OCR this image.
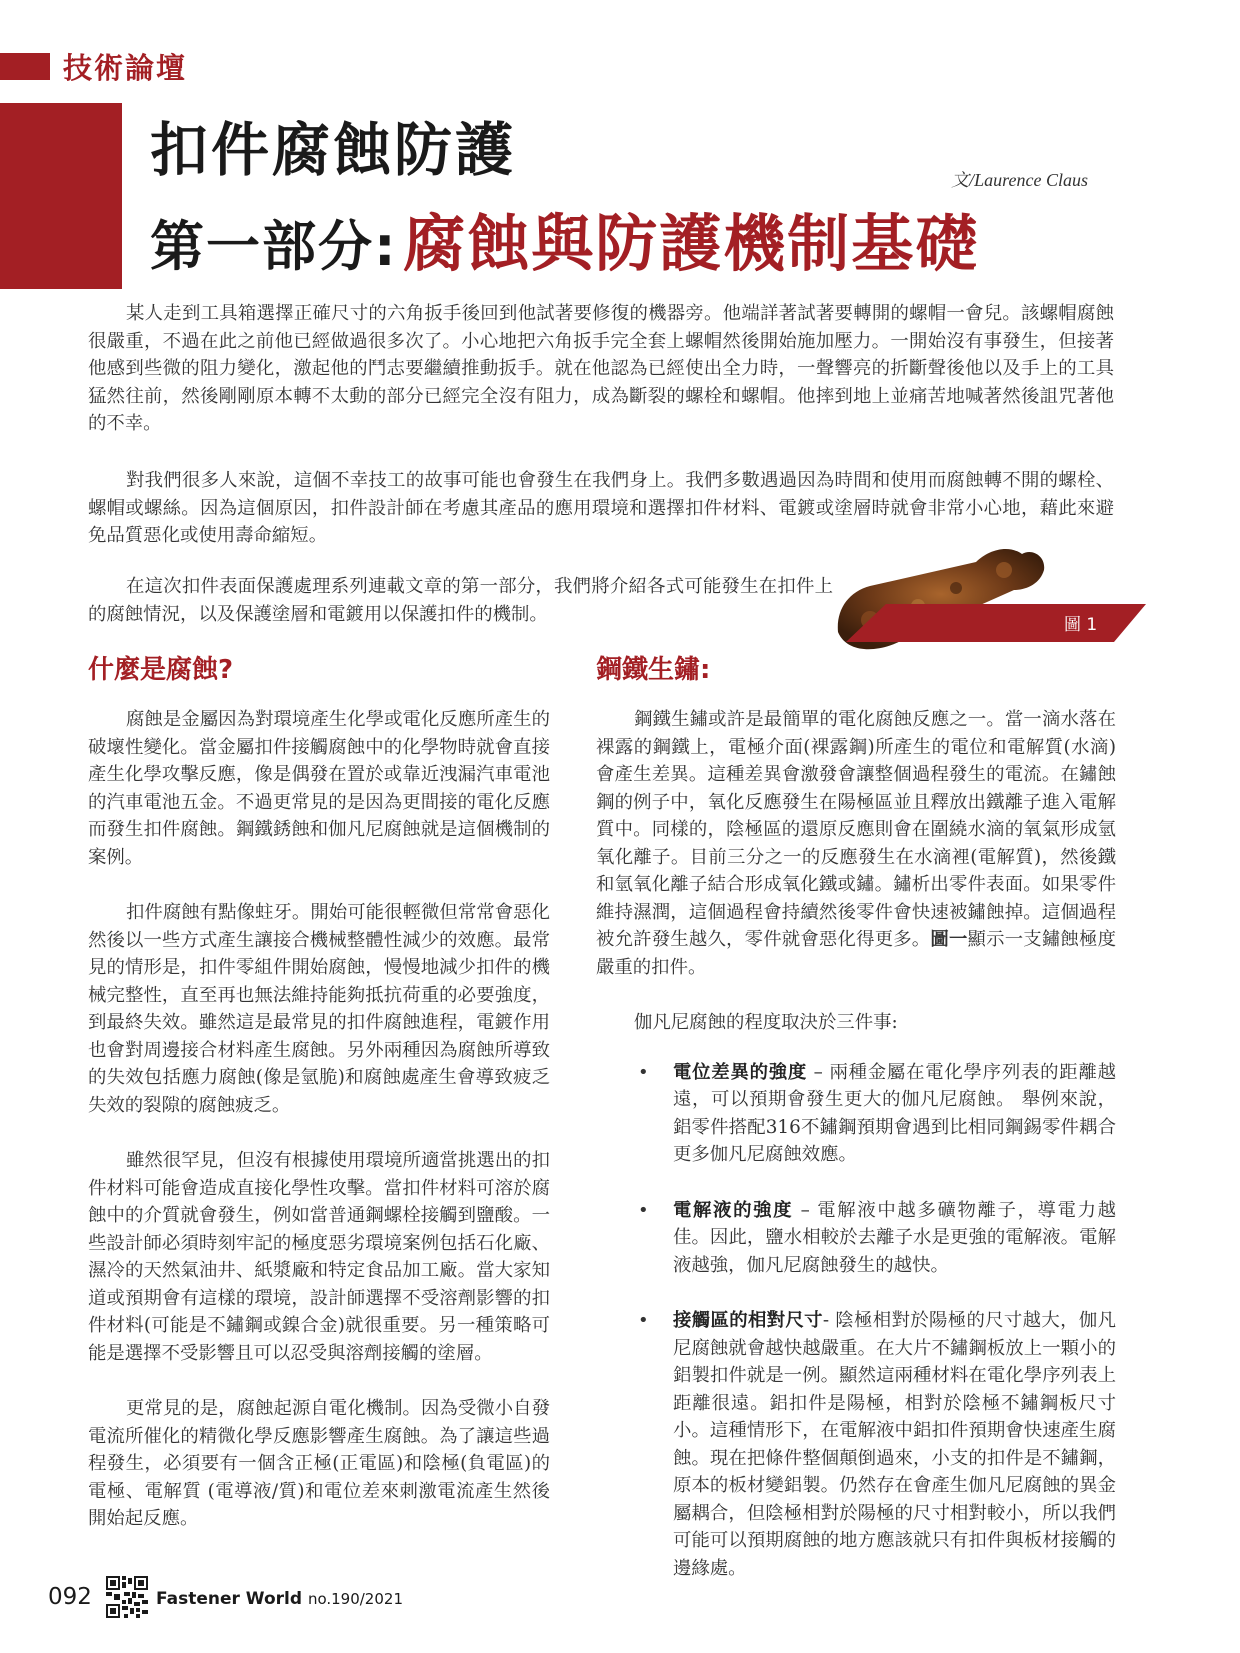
技術論壇
扣件腐蝕防護
第一部分: 腐蝕與防護機制基礎
文/Laurence Claus

某人走到工具箱選擇正確尺寸的六角扳手後回到他試著要修復的機器旁。他端詳著試著要轉開的螺帽一會兒。該螺帽腐蝕很嚴重，不過在此之前他已經做過很多次了。小心地把六角扳手完全套上螺帽然後開始施加壓力。一開始沒有事發生，但接著他感到些微的阻力變化，激起他的鬥志要繼續推動扳手。就在他認為已經使出全力時，一聲響亮的折斷聲後他以及手上的工具猛然往前，然後剛剛原本轉不太動的部分已經完全沒有阻力，成為斷裂的螺栓和螺帽。他摔到地上並痛苦地喊著然後詛咒著他的不幸。

對我們很多人來說，這個不幸技工的故事可能也會發生在我們身上。我們多數遇過因為時間和使用而腐蝕轉不開的螺栓、螺帽或螺絲。因為這個原因，扣件設計師在考慮其產品的應用環境和選擇扣件材料、電鍍或塗層時就會非常小心地，藉此來避免品質惡化或使用壽命縮短。

在這次扣件表面保護處理系列連載文章的第一部分，我們將介紹各式可能發生在扣件上的腐蝕情況，以及保護塗層和電鍍用以保護扣件的機制。

圖 1
什麼是腐蝕?

腐蝕是金屬因為對環境產生化學或電化反應所產生的破壞性變化。當金屬扣件接觸腐蝕中的化學物時就會直接產生化學攻擊反應，像是偶發在置於或靠近洩漏汽車電池的汽車電池五金。不過更常見的是因為更間接的電化反應而發生扣件腐蝕。鋼鐵銹蝕和伽凡尼腐蝕就是這個機制的案例。

扣件腐蝕有點像蛀牙。開始可能很輕微但常常會惡化然後以一些方式產生讓接合機械整體性減少的效應。最常見的情形是，扣件零組件開始腐蝕，慢慢地減少扣件的機械完整性，直至再也無法維持能夠抵抗荷重的必要強度，到最終失效。雖然這是最常見的扣件腐蝕進程，電鍍作用也會對周邊接合材料產生腐蝕。另外兩種因為腐蝕所導致的失效包括應力腐蝕(像是氫脆)和腐蝕處產生會導致疲乏失效的裂隙的腐蝕疲乏。

雖然很罕見，但沒有根據使用環境所適當挑選出的扣件材料可能會造成直接化學性攻擊。當扣件材料可溶於腐蝕中的介質就會發生，例如當普通鋼螺栓接觸到鹽酸。一些設計師必須時刻牢記的極度惡劣環境案例包括石化廠、濕冷的天然氣油井、紙漿廠和特定食品加工廠。當大家知道或預期會有這樣的環境，設計師選擇不受溶劑影響的扣件材料(可能是不鏽鋼或鎳合金)就很重要。另一種策略可能是選擇不受影響且可以忍受與溶劑接觸的塗層。

更常見的是，腐蝕起源自電化機制。因為受微小自發電流所催化的精微化學反應影響產生腐蝕。為了讓這些過程發生，必須要有一個含正極(正電區)和陰極(負電區)的電極、電解質 (電導液/質)和電位差來刺激電流產生然後開始起反應。

鋼鐵生鏽:

鋼鐵生鏽或許是最簡單的電化腐蝕反應之一。當一滴水落在裸露的鋼鐵上，電極介面(裸露鋼)所產生的電位和電解質(水滴)會產生差異。這種差異會激發會讓整個過程發生的電流。在鏽蝕鋼的例子中，氧化反應發生在陽極區並且釋放出鐵離子進入電解質中。同樣的，陰極區的還原反應則會在圍繞水滴的氧氣形成氫氧化離子。目前三分之一的反應發生在水滴裡(電解質)，然後鐵和氫氧化離子結合形成氧化鐵或鏽。鏽析出零件表面。如果零件維持濕潤，這個過程會持續然後零件會快速被鏽蝕掉。這個過程被允許發生越久，零件就會惡化得更多。圖一顯示一支鏽蝕極度嚴重的扣件。

伽凡尼腐蝕的程度取決於三件事:

• 電位差異的強度 – 兩種金屬在電化學序列表的距離越遠，可以預期會發生更大的伽凡尼腐蝕。 舉例來說，鋁零件搭配316不鏽鋼預期會遇到比相同鋼錫零件耦合更多伽凡尼腐蝕效應。
• 電解液的強度 – 電解液中越多礦物離子，導電力越佳。因此，鹽水相較於去離子水是更強的電解液。電解液越強，伽凡尼腐蝕發生的越快。
• 接觸區的相對尺寸- 陰極相對於陽極的尺寸越大，伽凡尼腐蝕就會越快越嚴重。在大片不鏽鋼板放上一顆小的鋁製扣件就是一例。顯然這兩種材料在電化學序列表上距離很遠。鋁扣件是陽極，相對於陰極不鏽鋼板尺寸小。這種情形下，在電解液中鋁扣件預期會快速產生腐蝕。現在把條件整個顛倒過來，小支的扣件是不鏽鋼，原本的板材變鋁製。仍然存在會產生伽凡尼腐蝕的異金屬耦合，但陰極相對於陽極的尺寸相對較小，所以我們可能可以預期腐蝕的地方應該就只有扣件與板材接觸的邊緣處。
092	Fastener World no.190/2021
